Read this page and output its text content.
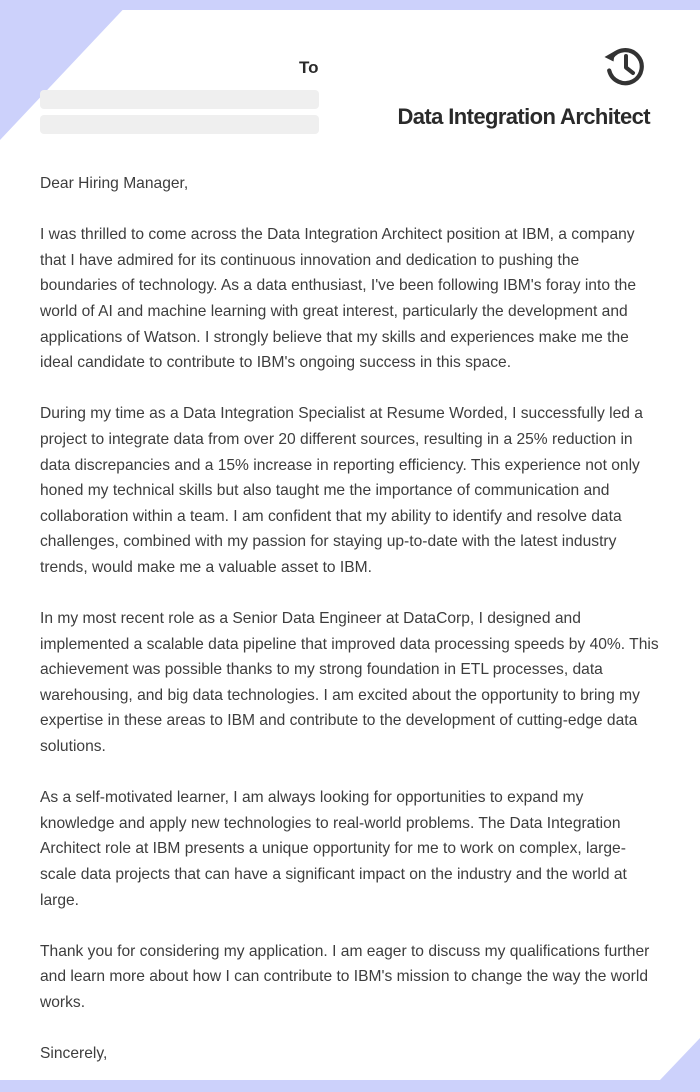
To
Data Integration Architect

Dear Hiring Manager,

I was thrilled to come across the Data Integration Architect position at IBM, a company that I have admired for its continuous innovation and dedication to pushing the boundaries of technology. As a data enthusiast, I've been following IBM's foray into the world of AI and machine learning with great interest, particularly the development and applications of Watson. I strongly believe that my skills and experiences make me the ideal candidate to contribute to IBM's ongoing success in this space.

During my time as a Data Integration Specialist at Resume Worded, I successfully led a project to integrate data from over 20 different sources, resulting in a 25% reduction in data discrepancies and a 15% increase in reporting efficiency. This experience not only honed my technical skills but also taught me the importance of communication and collaboration within a team. I am confident that my ability to identify and resolve data challenges, combined with my passion for staying up-to-date with the latest industry trends, would make me a valuable asset to IBM.

In my most recent role as a Senior Data Engineer at DataCorp, I designed and implemented a scalable data pipeline that improved data processing speeds by 40%. This achievement was possible thanks to my strong foundation in ETL processes, data warehousing, and big data technologies. I am excited about the opportunity to bring my expertise in these areas to IBM and contribute to the development of cutting-edge data solutions.

As a self-motivated learner, I am always looking for opportunities to expand my knowledge and apply new technologies to real-world problems. The Data Integration Architect role at IBM presents a unique opportunity for me to work on complex, large-scale data projects that can have a significant impact on the industry and the world at large.

Thank you for considering my application. I am eager to discuss my qualifications further and learn more about how I can contribute to IBM's mission to change the way the world works.

Sincerely,
